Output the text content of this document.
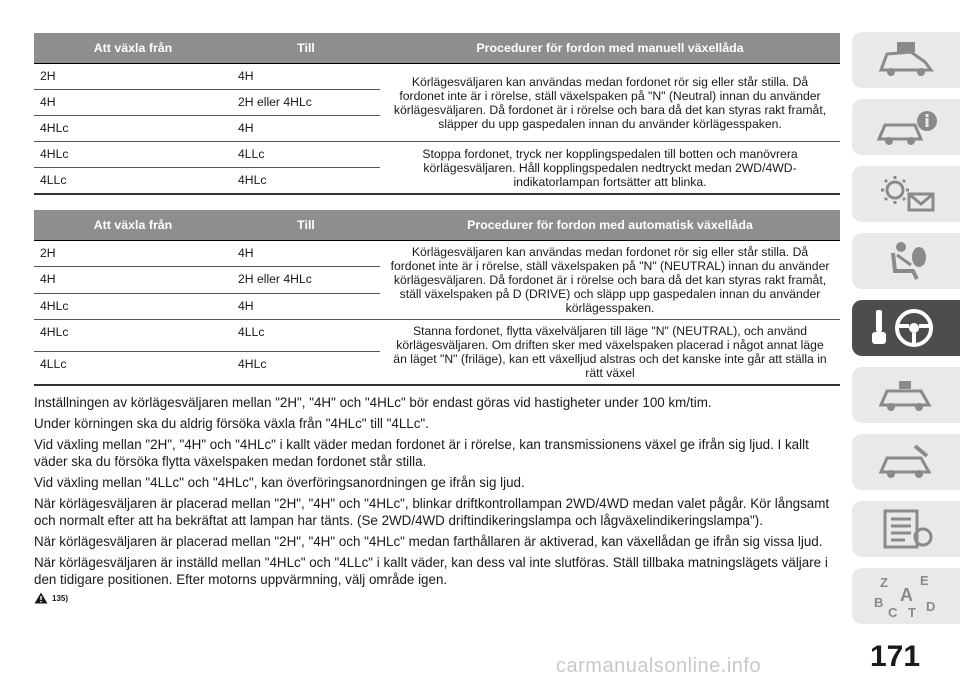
Att växla från	Till	Procedurer för fordon med manuell växellåda
2H	4H	Körlägesväljaren kan användas medan fordonet rör sig eller står stilla. Då fordonet inte är i rörelse, ställ växelspaken på "N" (Neutral) innan du använder körlägesväljaren. Då fordonet är i rörelse och bara då det kan styras rakt framåt, släpper du upp gaspedalen innan du använder körlägesspaken.
4H	2H eller 4HLc	
4HLc	4H	
4HLc	4LLc	Stoppa fordonet, tryck ner kopplingspedalen till botten och manövrera körlägesväljaren. Håll kopplingspedalen nedtryckt medan 2WD/4WD-indikatorlampan fortsätter att blinka.
4LLc	4HLc	
Att växla från	Till	Procedurer för fordon med automatisk växellåda
2H	4H	Körlägesväljaren kan användas medan fordonet rör sig eller står stilla. Då fordonet inte är i rörelse, ställ växelspaken på "N" (NEUTRAL) innan du använder körlägesväljaren. Då fordonet är i rörelse och bara då det kan styras rakt framåt, ställ växelspaken på D (DRIVE) och släpp upp gaspedalen innan du använder körlägesspaken.
4H	2H eller 4HLc	
4HLc	4H	
4HLc	4LLc	Stanna fordonet, flytta växelväljaren till läge "N" (NEUTRAL), och använd körlägesväljaren. Om driften sker med växelspaken placerad i något annat läge än läget "N" (friläge), kan ett växelljud alstras och det kanske inte går att ställa in rätt växel
4LLc	4HLc	

Inställningen av körlägesväljaren mellan "2H", "4H" och "4HLc" bör endast göras vid hastigheter under 100 km/tim.

Under körningen ska du aldrig försöka växla från "4HLc" till "4LLc".

Vid växling mellan "2H", "4H" och "4HLc" i kallt väder medan fordonet är i rörelse, kan transmissionens växel ge ifrån sig ljud. I kallt väder ska du försöka flytta växelspaken medan fordonet står stilla.

Vid växling mellan "4LLc" och "4HLc", kan överföringsanordningen ge ifrån sig ljud.

När körlägesväljaren är placerad mellan "2H", "4H" och "4HLc", blinkar driftkontrollampan 2WD/4WD medan valet pågår. Kör långsamt och normalt efter att ha bekräftat att lampan har tänts. (Se 2WD/4WD driftindikeringslampa och lågväxelindikeringslampa").

När körlägesväljaren är placerad mellan "2H", "4H" och "4HLc" medan farthållaren är aktiverad, kan växellådan ge ifrån sig vissa ljud.

När körlägesväljaren är inställd mellan "4HLc" och "4LLc" i kallt väder, kan dess val inte slutföras. Ställ tillbaka matningslägets väljare i den tidigare positionen. Efter motorns uppvärmning, välj område igen.

135)
Z E
A
B
C T D
carmanualsonline.info	171
